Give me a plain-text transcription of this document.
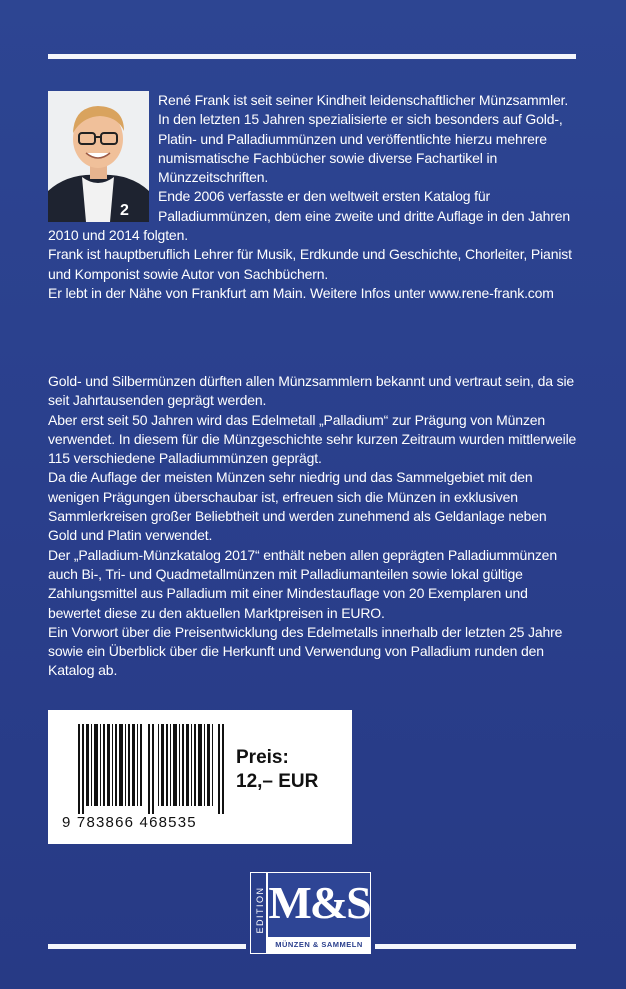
2

René Frank ist seit seiner Kindheit leidenschaftlicher Münzsammler.

In den letzten 15 Jahren spezialisierte er sich besonders auf Gold-, Platin- und Palladiummünzen und veröffentlichte hierzu mehrere numismatische Fachbücher sowie diverse Fachartikel in Münzzeitschriften.

Ende 2006 verfasste er den weltweit ersten Katalog für Palladiummünzen, dem eine zweite und dritte Auflage in den Jahren 2010 und 2014 folgten.

Frank ist hauptberuflich Lehrer für Musik, Erdkunde und Geschichte, Chorleiter, Pianist und Komponist sowie Autor von Sachbüchern.

Er lebt in der Nähe von Frankfurt am Main. Weitere Infos unter www.rene-frank.com

Gold- und Silbermünzen dürften allen Münzsammlern bekannt und vertraut sein, da sie seit Jahrtausenden geprägt werden.

Aber erst seit 50 Jahren wird das Edelmetall „Palladium“ zur Prägung von Münzen verwendet. In diesem für die Münzgeschichte sehr kurzen Zeitraum wurden mittlerweile 115 verschiedene Palladiummünzen geprägt.

Da die Auflage der meisten Münzen sehr niedrig und das Sammelgebiet mit den wenigen Prägungen überschaubar ist, erfreuen sich die Münzen in exklusiven Sammlerkreisen großer Beliebtheit und werden zunehmend als Geldanlage neben Gold und Platin verwendet.

Der „Palladium-Münzkatalog 2017“ enthält neben allen geprägten Palladiummünzen auch Bi-, Tri- und Quadmetallmünzen mit Palladiumanteilen sowie lokal gültige Zahlungsmittel aus Palladium mit einer Mindestauflage von 20 Exemplaren und bewertet diese zu den aktuellen Marktpreisen in EURO.

Ein Vorwort über die Preisentwicklung des Edelmetalls innerhalb der letzten 25 Jahre sowie ein Überblick über die Herkunft und Verwendung von Palladium runden den Katalog ab.

9 783866 468535
Preis:
12,– EUR
EDITION M&S
MÜNZEN & SAMMELN
